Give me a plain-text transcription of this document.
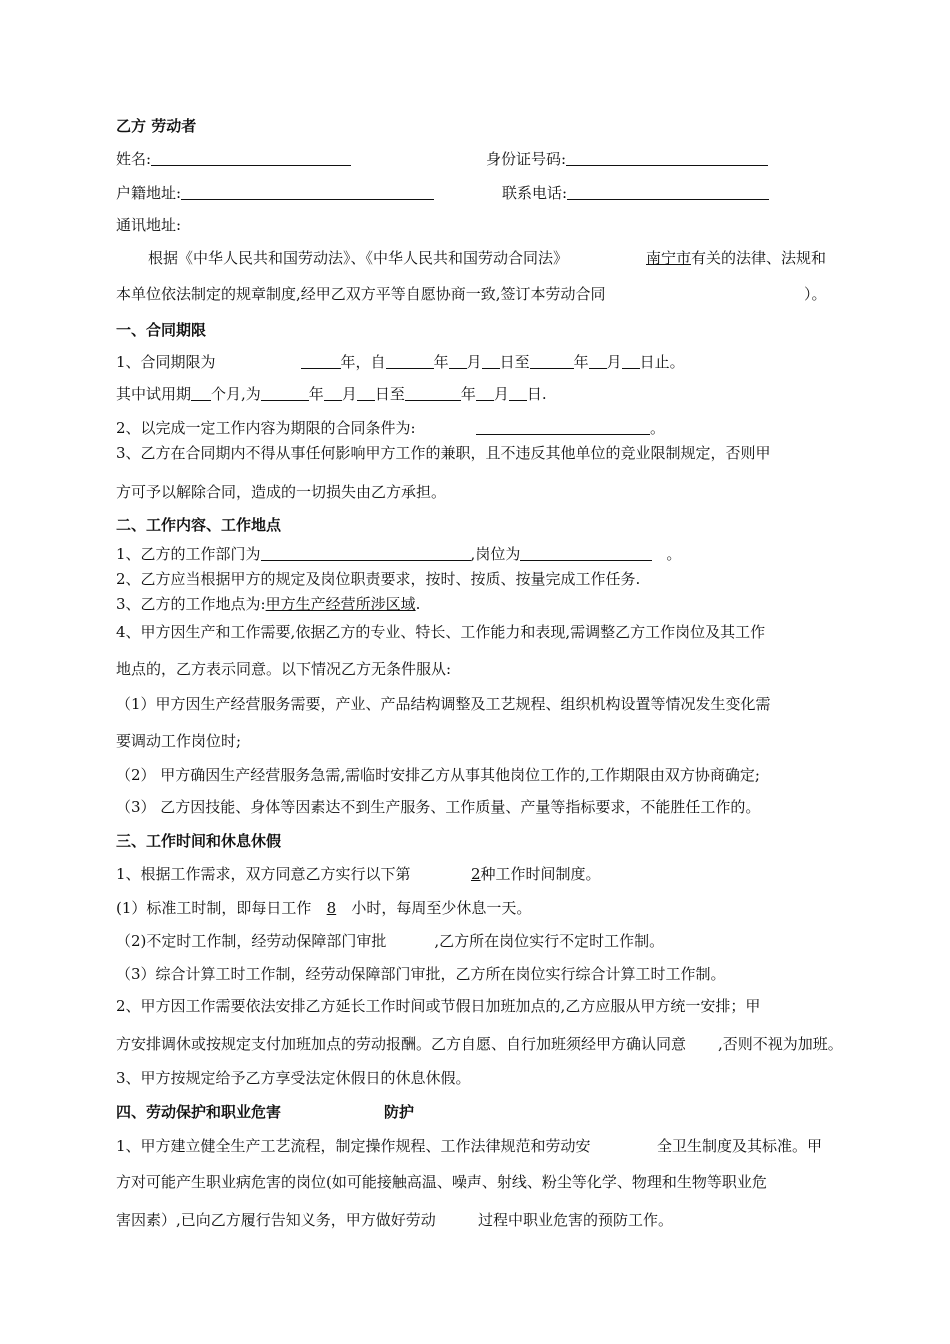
乙方 劳动者
姓名:	身份证号码:
户籍地址:	联系电话:
通讯地址:
根据《中华人民共和国劳动法》、《中华人民共和国劳动合同法》	南宁市有关的法律、法规和
本单位依法制定的规章制度,经甲乙双方平等自愿协商一致,签订本劳动合同	）。
一、合同期限
1、合同期限为	年，自	年 月 日至	年 月 日止。
其中试用期 个月,为	年 月 日至	年 月 日.
2、以完成一定工作内容为期限的合同条件为:	。
3、乙方在合同期内不得从事任何影响甲方工作的兼职，且不违反其他单位的竞业限制规定，否则甲
方可予以解除合同，造成的一切损失由乙方承担。
二、工作内容、工作地点
1、乙方的工作部门为	,岗位为	。
2、乙方应当根据甲方的规定及岗位职责要求，按时、按质、按量完成工作任务.
3、乙方的工作地点为:甲方生产经营所涉区域.
4、甲方因生产和工作需要,依据乙方的专业、特长、工作能力和表现,需调整乙方工作岗位及其工作
地点的，乙方表示同意。以下情况乙方无条件服从:
（1）甲方因生产经营服务需要，产业、产品结构调整及工艺规程、组织机构设置等情况发生变化需
要调动工作岗位时;
（2） 甲方确因生产经营服务急需,需临时安排乙方从事其他岗位工作的,工作期限由双方协商确定;
（3） 乙方因技能、身体等因素达不到生产服务、工作质量、产量等指标要求，不能胜任工作的。
三、工作时间和休息休假
1、根据工作需求，双方同意乙方实行以下第	2种工作时间制度。
(1）标准工时制，即每日工作 8 小时，每周至少休息一天。
（2)不定时工作制，经劳动保障部门审批	,乙方所在岗位实行不定时工作制。
（3）综合计算工时工作制，经劳动保障部门审批，乙方所在岗位实行综合计算工时工作制。
2、甲方因工作需要依法安排乙方延长工作时间或节假日加班加点的,乙方应服从甲方统一安排；甲
方安排调休或按规定支付加班加点的劳动报酬。乙方自愿、自行加班须经甲方确认同意 ,否则不视为加班。
3、甲方按规定给予乙方享受法定休假日的休息休假。
四、劳动保护和职业危害	防护
1、甲方建立健全生产工艺流程，制定操作规程、工作法律规范和劳动安	全卫生制度及其标准。甲
方对可能产生职业病危害的岗位(如可能接触高温、噪声、射线、粉尘等化学、物理和生物等职业危
害因素）,已向乙方履行告知义务，甲方做好劳动	过程中职业危害的预防工作。
